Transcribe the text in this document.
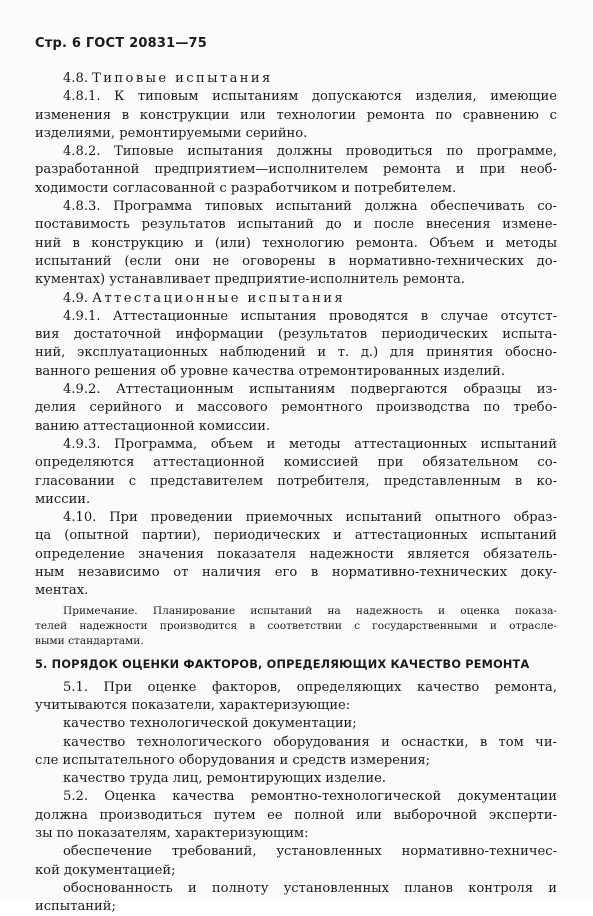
Стр. 6 ГОСТ 20831—75
4.8. Типовые испытания
4.8.1. К типовым испытаниям допускаются изделия, имеющие
изменения в конструкции или технологии ремонта по сравнению с
изделиями, ремонтируемыми серийно.
4.8.2. Типовые испытания должны проводиться по программе,
разработанной предприятием—исполнителем ремонта и при необ-
ходимости согласованной с разработчиком и потребителем.
4.8.3. Программа типовых испытаний должна обеспечивать со-
поставимость результатов испытаний до и после внесения измене-
ний в конструкцию и (или) технологию ремонта. Объем и методы
испытаний (если они не оговорены в нормативно-технических до-
кументах) устанавливает предприятие-исполнитель ремонта.
4.9. Аттестационные испытания
4.9.1. Аттестационные испытания проводятся в случае отсутст-
вия достаточной информации (результатов периодических испыта-
ний, эксплуатационных наблюдений и т. д.) для принятия обосно-
ванного решения об уровне качества отремонтированных изделий.
4.9.2. Аттестационным испытаниям подвергаются образцы из-
делия серийного и массового ремонтного производства по требо-
ванию аттестационной комиссии.
4.9.3. Программа, объем и методы аттестационных испытаний
определяются аттестационной комиссией при обязательном со-
гласовании с представителем потребителя, представленным в ко-
миссии.
4.10. При проведении приемочных испытаний опытного образ-
ца (опытной партии), периодических и аттестационных испытаний
определение значения показателя надежности является обязатель-
ным независимо от наличия его в нормативно-технических доку-
ментах.
Примечание. Планирование испытаний на надежность и оценка показа-
телей надежности производится в соответствии с государственными и отрасле-
выми стандартами.
5. ПОРЯДОК ОЦЕНКИ ФАКТОРОВ, ОПРЕДЕЛЯЮЩИХ КАЧЕСТВО РЕМОНТА
5.1. При оценке факторов, определяющих качество ремонта,
учитываются показатели, характеризующие:
качество технологической документации;
качество технологического оборудования и оснастки, в том чи-
сле испытательного оборудования и средств измерения;
качество труда лиц, ремонтирующих изделие.
5.2. Оценка качества ремонтно-технологической документации
должна производиться путем ее полной или выборочной эксперти-
зы по показателям, характеризующим:
обеспечение требований, установленных нормативно-техничес-
кой документацией;
обоснованность и полноту установленных планов контроля и
испытаний;
